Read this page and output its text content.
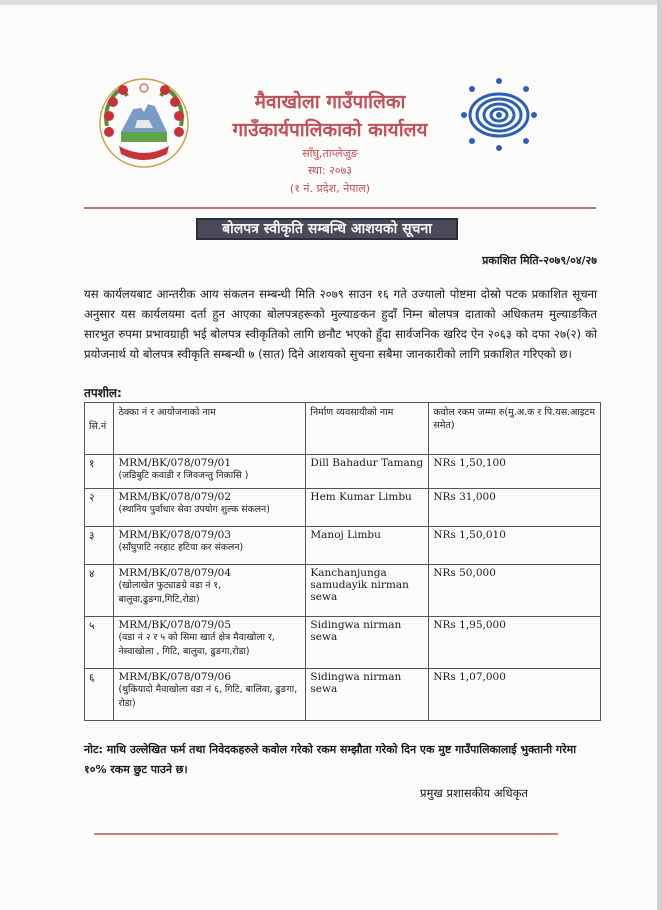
मैवाखोला गाउँपालिका
गाउँकार्यपालिकाको कार्यालय
साँघु,ताप्लेजुङ
स्था: २०७३
(१ नं. प्रदेश, नेपाल)
बोलपत्र स्वीकृति सम्बन्धि आशयको सूचना
प्रकाशित मिति-२०७९/०४/२७

यस कार्यलयबाट आन्तरीक आय संकलन सम्बन्धी मिति २०७९ साउन १६ गते उज्यालो पोष्टमा दोस्रो पटक प्रकाशित सूचना अनुसार यस कार्यलयमा दर्ता हुन आएका बोलपत्रहरूको मुल्याङकन हुदाँ निम्न बोलपत्र दाताको अधिकतम मुल्याङकित सारभुत रुपमा प्रभावग्राही भई बोलपत्र स्वीकृतिको लागि छनौट भएको हुँदा सार्वजनिक खरिद ऐन २०६३ को दफा २७(२) को प्रयोजनार्थ यो बोलपत्र स्वीकृति सम्बन्धी ७ (सात) दिने आशयको सुचना सबैमा जानकारीको लागि प्रकाशित गरिएको छ।

तपशील:
सि.नं	ठेक्का नं र आयोजनाको नाम	निर्माण व्यवसायीको नाम	कवोल रकम जम्मा रु(मु.अ.क र पि.यस.आइटम समेत)
१	MRM/BK/078/079/01
(जडिबुटि कवाडी र जिवजन्तु निकासि )	Dill Bahadur Tamang	NRs 1,50,100
२	MRM/BK/078/079/02
(स्थानिय पुर्वाधार सेवा उपयोग शुल्क संकलन)	Hem Kumar Limbu	NRs 31,000
३	MRM/BK/078/079/03
(साँघुपाटि नरहाट हटिया कर संकलन)	Manoj Limbu	NRs 1,50,010
४	MRM/BK/078/079/04
(खोलाखेत फुट्याङग्रे वडा नं १, बालुवा,ढुङगा,गिटि,रोडा)	Kanchanjunga samudayik nirman sewa	NRs 50,000
५	MRM/BK/078/079/05
(वडा नं २ र ५ को सिमा खार्त क्षेत्र मैवाखोला र, नेस्वाखोला , गिटि, बालुवा, ढुङगा,रोडा)	Sidingwa nirman sewa	NRs 1,95,000
६	MRM/BK/078/079/06
(थुकियादो मैवाखोला वडा नं ६, गिटि, बालिवा, ढुङगा, रोडा)	Sidingwa nirman sewa	NRs 1,07,000

नोट: माथि उल्लेखित फर्म तथा निवेदकहरुले कवोल गरेको रकम सम्झौता गरेको दिन एक मुष्ट गाउँपालिकालाई भुक्तानी गरेमा १०% रकम छुट पाउने छ।

प्रमुख प्रशासकीय अधिकृत
